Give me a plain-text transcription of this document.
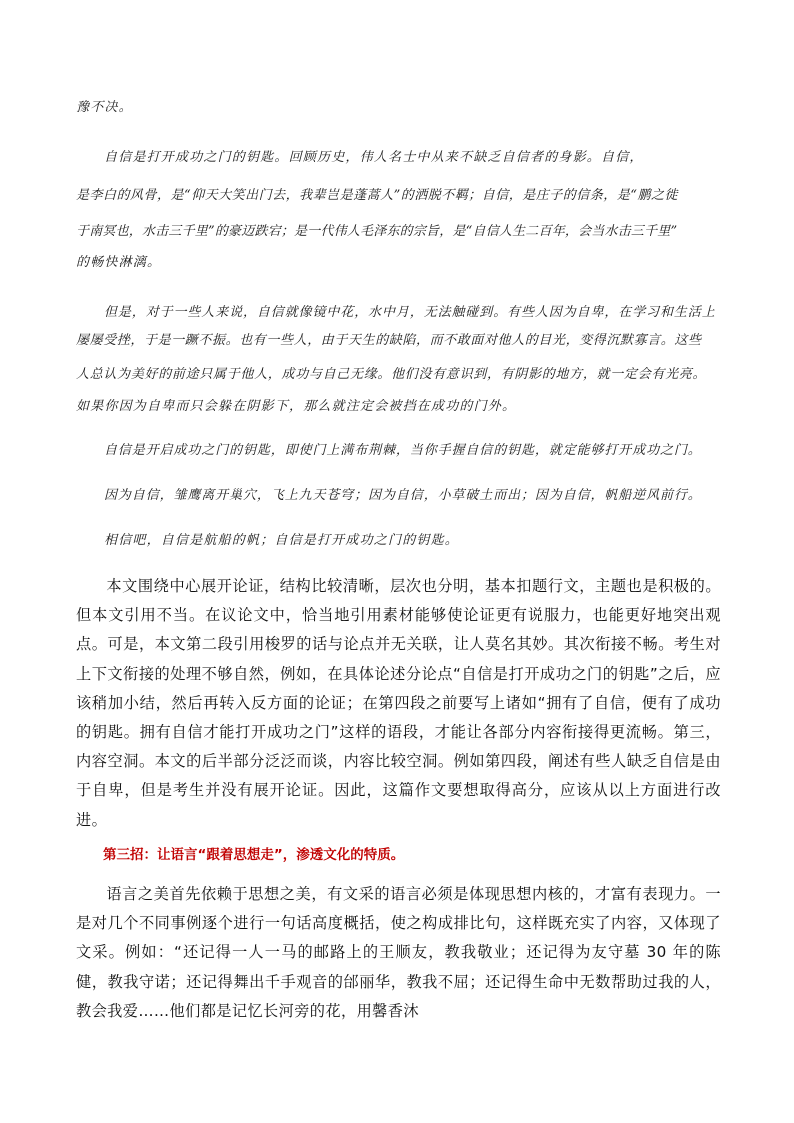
豫不决。

自信是打开成功之门的钥匙。回顾历史，伟人名士中从来不缺乏自信者的身影。自信，

是李白的风骨，是“仰天大笑出门去，我辈岂是蓬蒿人”的洒脱不羁；自信，是庄子的信条，是“鹏之徙

于南冥也，水击三千里”的豪迈跌宕；是一代伟人毛泽东的宗旨，是“自信人生二百年，会当水击三千里”

的畅快淋漓。

但是，对于一些人来说，自信就像镜中花，水中月，无法触碰到。有些人因为自卑，在学习和生活上

屡屡受挫，于是一蹶不振。也有一些人，由于天生的缺陷，而不敢面对他人的目光，变得沉默寡言。这些

人总认为美好的前途只属于他人，成功与自己无缘。他们没有意识到，有阴影的地方，就一定会有光亮。

如果你因为自卑而只会躲在阴影下，那么就注定会被挡在成功的门外。

自信是开启成功之门的钥匙，即使门上满布荆棘，当你手握自信的钥匙，就定能够打开成功之门。

因为自信，雏鹰离开巢穴，飞上九天苍穹；因为自信，小草破土而出；因为自信，帆船逆风前行。

相信吧，自信是航船的帆；自信是打开成功之门的钥匙。

本文围绕中心展开论证，结构比较清晰，层次也分明，基本扣题行文，主题也是积极的。但本文引用不当。在议论文中，恰当地引用素材能够使论证更有说服力，也能更好地突出观点。可是，本文第二段引用梭罗的话与论点并无关联，让人莫名其妙。其次衔接不畅。考生对上下文衔接的处理不够自然，例如，在具体论述分论点“自信是打开成功之门的钥匙”之后，应该稍加小结，然后再转入反方面的论证；在第四段之前要写上诸如“拥有了自信，便有了成功的钥匙。拥有自信才能打开成功之门”这样的语段，才能让各部分内容衔接得更流畅。第三，内容空洞。本文的后半部分泛泛而谈，内容比较空洞。例如第四段，阐述有些人缺乏自信是由于自卑，但是考生并没有展开论证。因此，这篇作文要想取得高分，应该从以上方面进行改进。

第三招：让语言“跟着思想走”，渗透文化的特质。

语言之美首先依赖于思想之美，有文采的语言必须是体现思想内核的，才富有表现力。一是对几个不同事例逐个进行一句话高度概括，使之构成排比句，这样既充实了内容，又体现了文采。例如：“还记得一人一马的邮路上的王顺友，教我敬业；还记得为友守墓 30 年的陈健，教我守诺；还记得舞出千手观音的邰丽华，教我不屈；还记得生命中无数帮助过我的人，教会我爱……他们都是记忆长河旁的花，用馨香沐
